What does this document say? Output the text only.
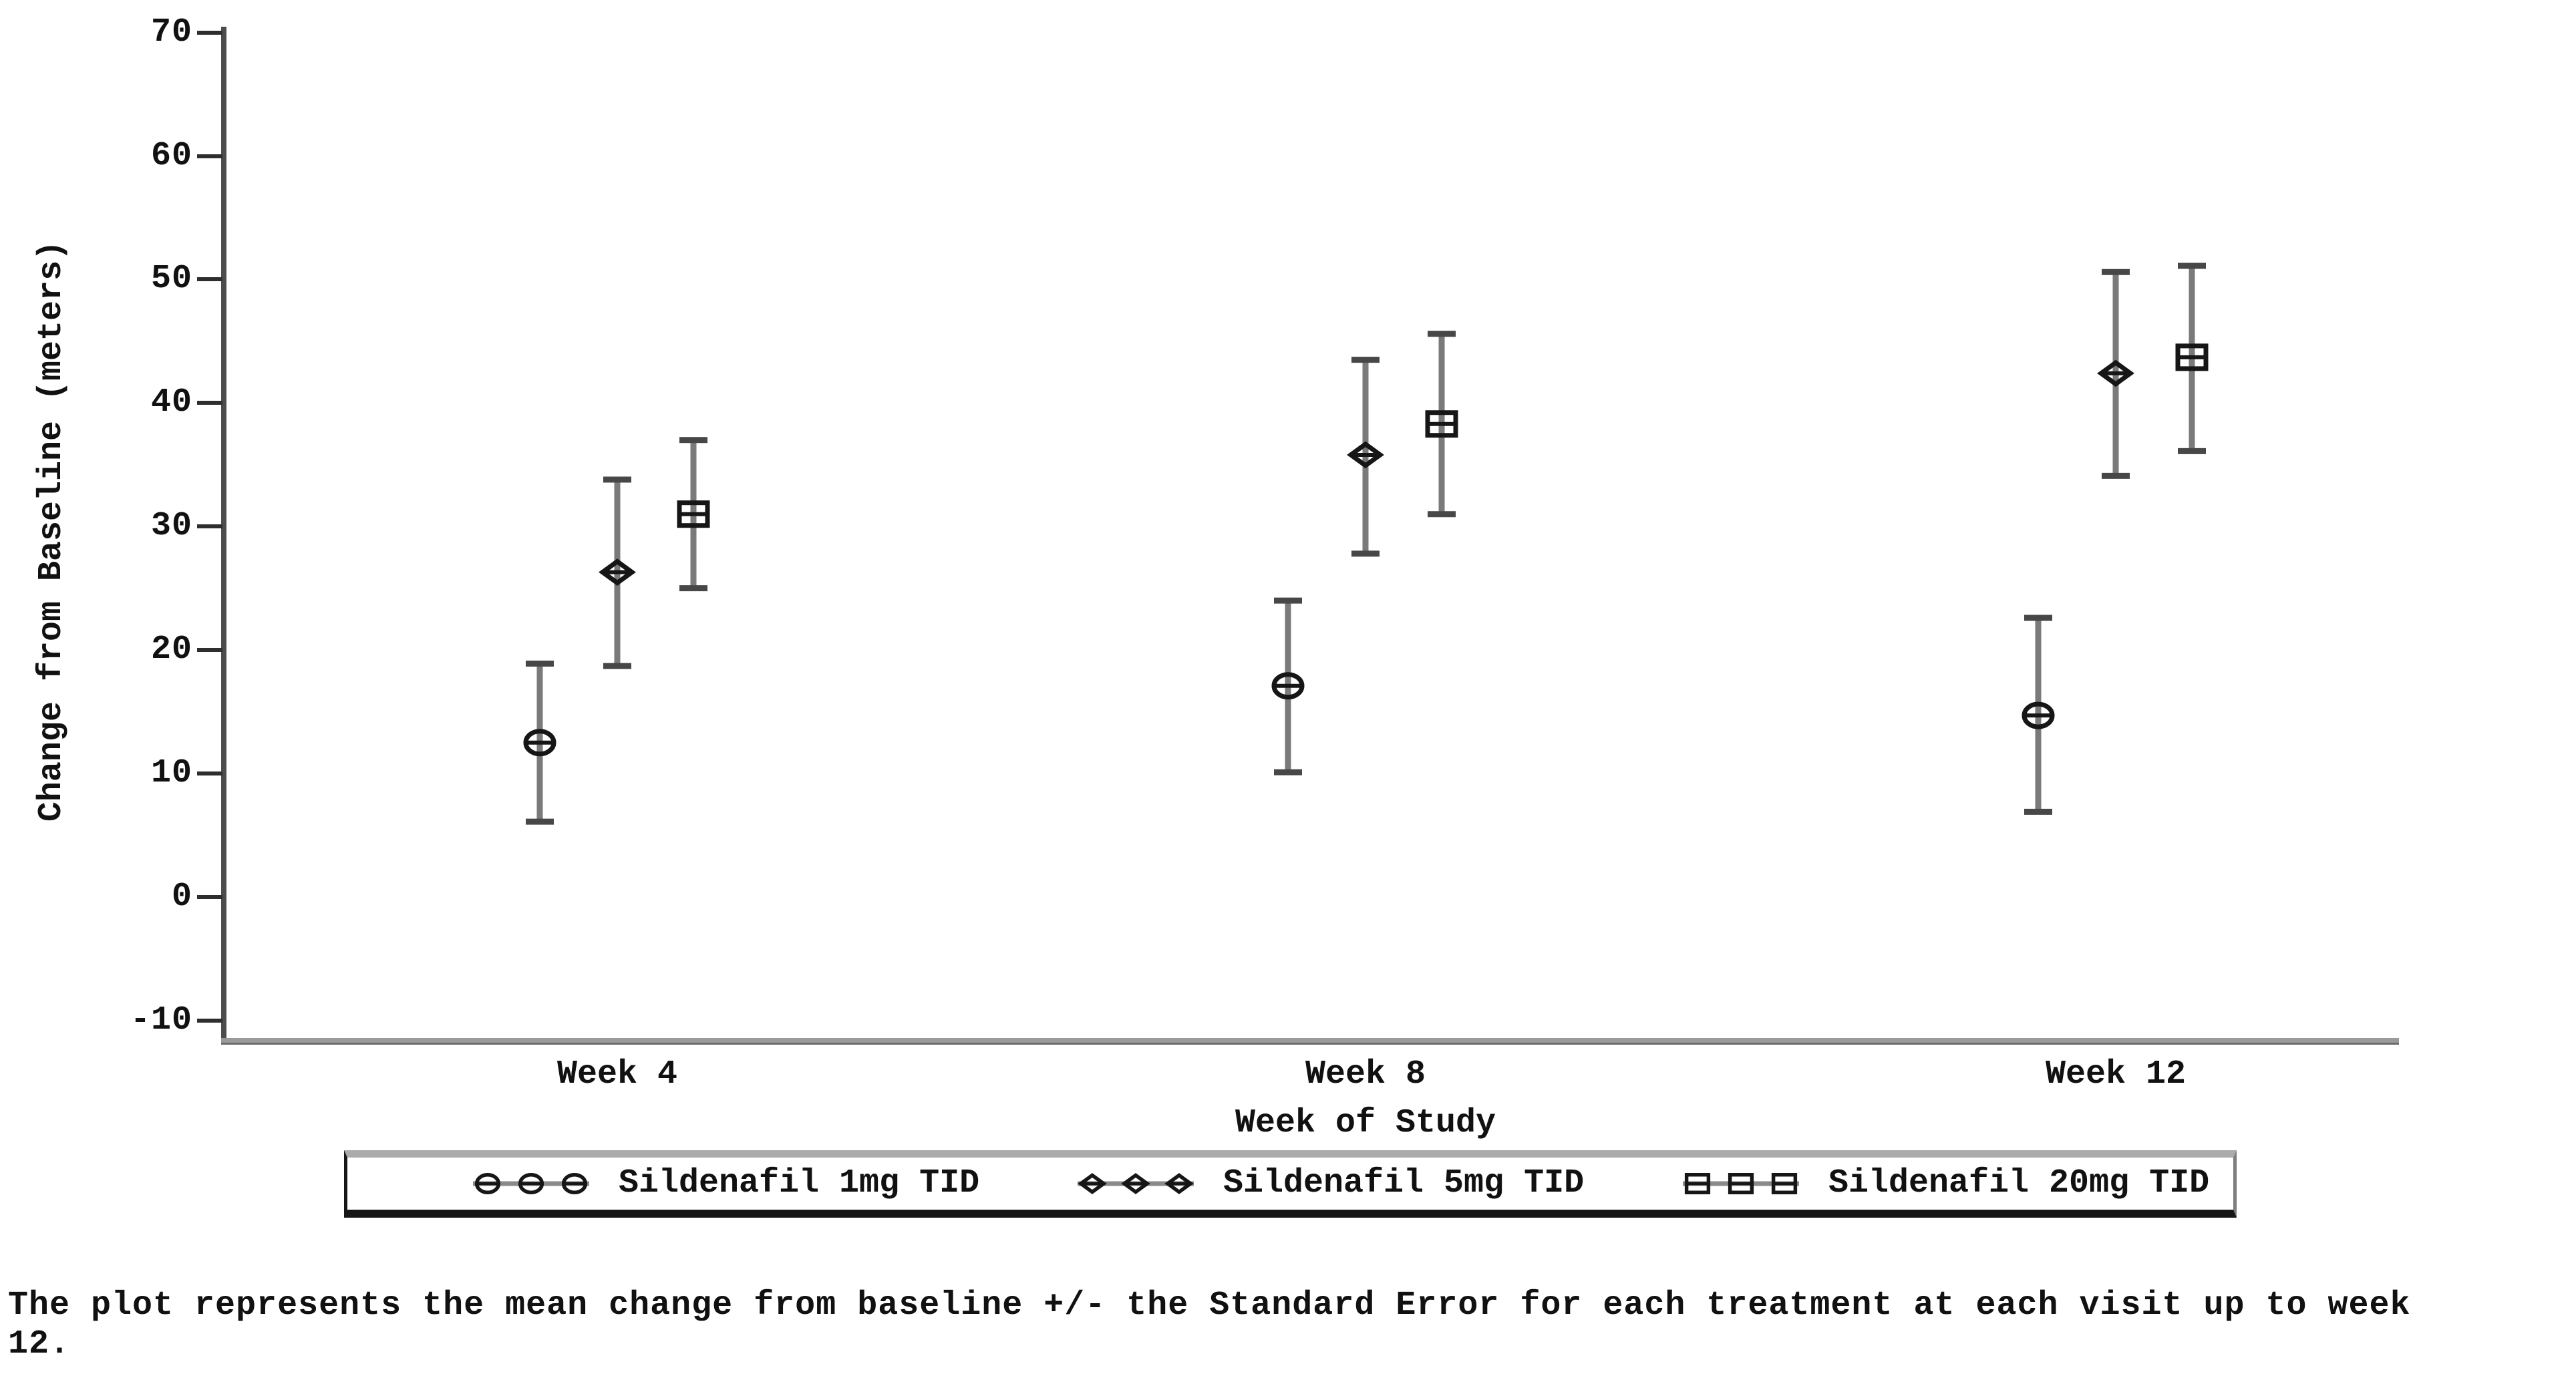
Change from Baseline (meters)
70
60
50
40
30
20
10
0
-10
Week 4	Week 8	Week 12
Week of Study
Sildenafil 1mg TID	Sildenafil 5mg TID	Sildenafil 20mg TID
The plot represents the mean change from baseline +/- the Standard Error for each treatment at each visit up to week 12.
